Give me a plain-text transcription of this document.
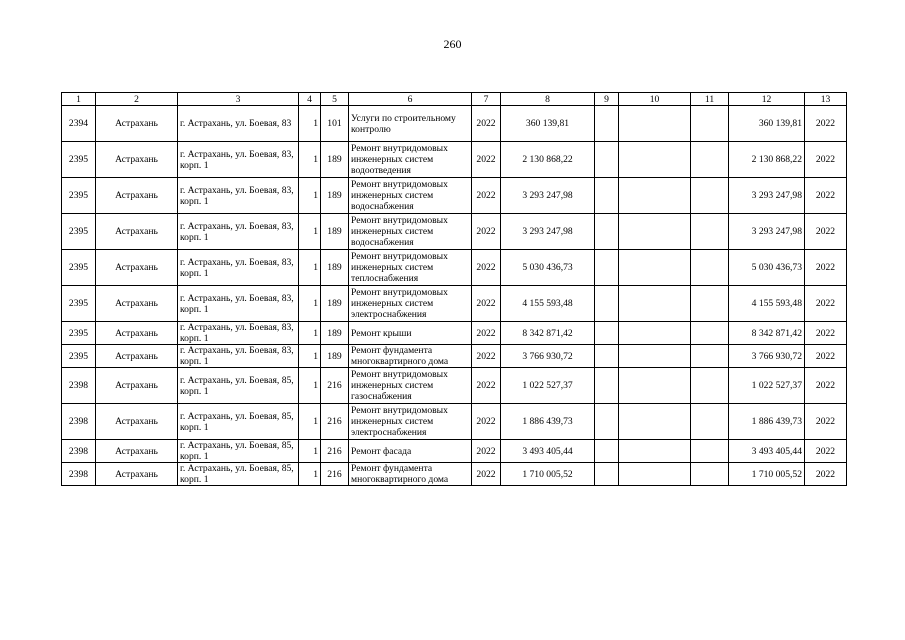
260
1	2	3	4	5	6	7	8	9	10	11	12	13
2394	Астрахань	г. Астрахань, ул. Боевая, 83	1	101	Услуги по строительному контролю	2022	360 139,81				360 139,81	2022
2395	Астрахань	г. Астрахань, ул. Боевая, 83, корп. 1	1	189	Ремонт внутридомовых инженерных систем водоотведения	2022	2 130 868,22				2 130 868,22	2022
2395	Астрахань	г. Астрахань, ул. Боевая, 83, корп. 1	1	189	Ремонт внутридомовых инженерных систем водоснабжения	2022	3 293 247,98				3 293 247,98	2022
2395	Астрахань	г. Астрахань, ул. Боевая, 83, корп. 1	1	189	Ремонт внутридомовых инженерных систем водоснабжения	2022	3 293 247,98				3 293 247,98	2022
2395	Астрахань	г. Астрахань, ул. Боевая, 83, корп. 1	1	189	Ремонт внутридомовых инженерных систем теплоснабжения	2022	5 030 436,73				5 030 436,73	2022
2395	Астрахань	г. Астрахань, ул. Боевая, 83, корп. 1	1	189	Ремонт внутридомовых инженерных систем электроснабжения	2022	4 155 593,48				4 155 593,48	2022
2395	Астрахань	г. Астрахань, ул. Боевая, 83, корп. 1	1	189	Ремонт крыши	2022	8 342 871,42				8 342 871,42	2022
2395	Астрахань	г. Астрахань, ул. Боевая, 83, корп. 1	1	189	Ремонт фундамента многоквартирного дома	2022	3 766 930,72				3 766 930,72	2022
2398	Астрахань	г. Астрахань, ул. Боевая, 85, корп. 1	1	216	Ремонт внутридомовых инженерных систем газоснабжения	2022	1 022 527,37				1 022 527,37	2022
2398	Астрахань	г. Астрахань, ул. Боевая, 85, корп. 1	1	216	Ремонт внутридомовых инженерных систем электроснабжения	2022	1 886 439,73				1 886 439,73	2022
2398	Астрахань	г. Астрахань, ул. Боевая, 85, корп. 1	1	216	Ремонт фасада	2022	3 493 405,44				3 493 405,44	2022
2398	Астрахань	г. Астрахань, ул. Боевая, 85, корп. 1	1	216	Ремонт фундамента многоквартирного дома	2022	1 710 005,52				1 710 005,52	2022
